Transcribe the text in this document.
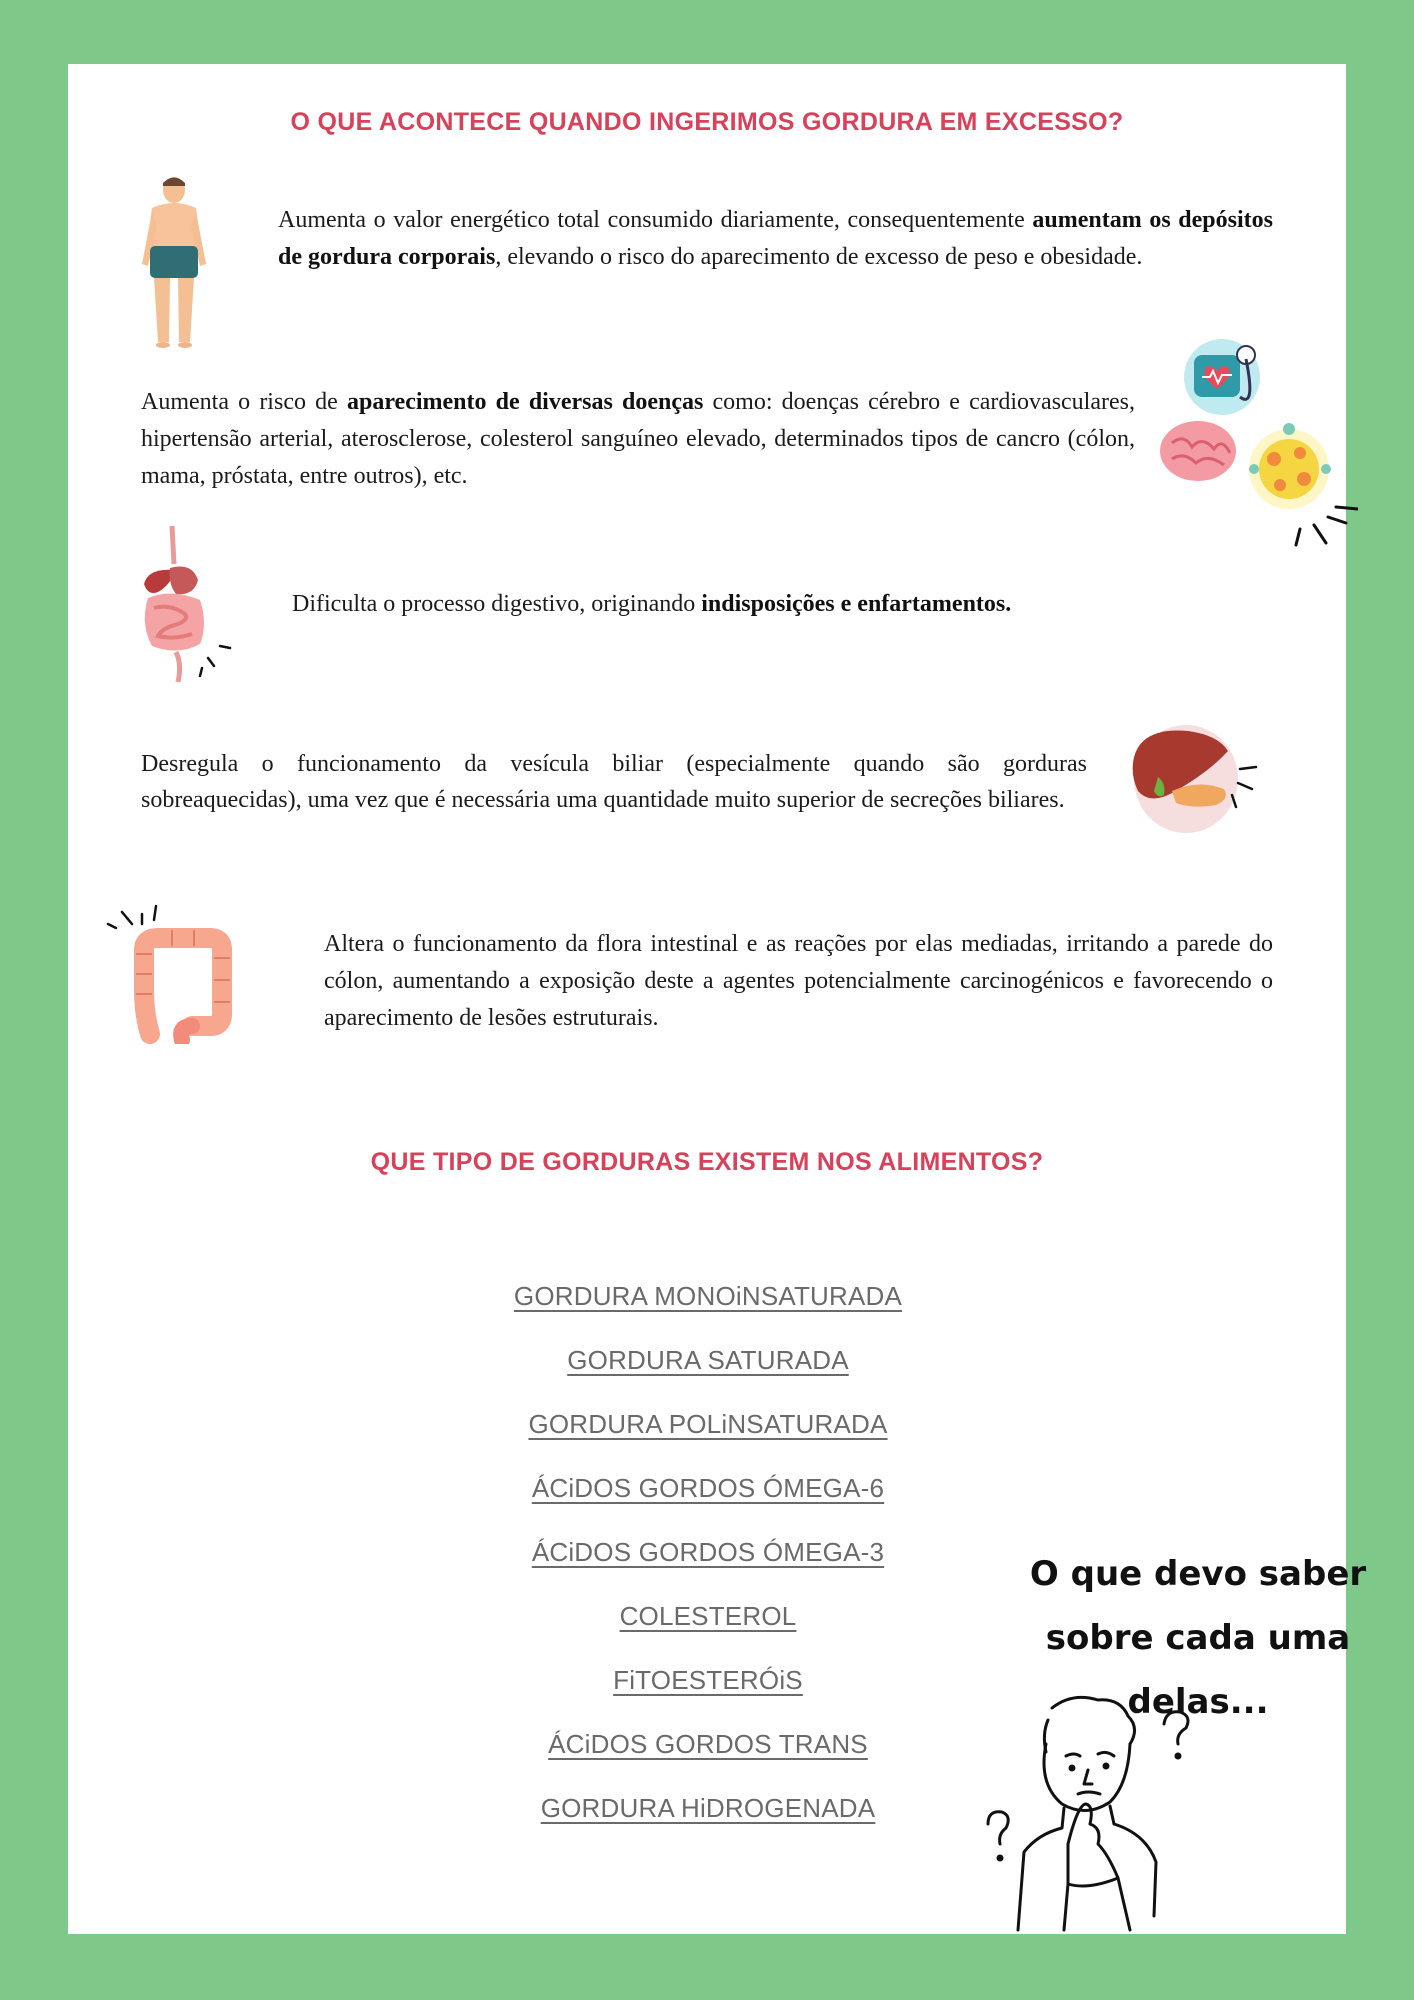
O QUE ACONTECE QUANDO INGERIMOS GORDURA EM EXCESSO?
Aumenta o valor energético total consumido diariamente, consequentemente aumentam os depósitos de gordura corporais, elevando o risco do aparecimento de excesso de peso e obesidade.
Aumenta o risco de aparecimento de diversas doenças como: doenças cérebro e cardiovasculares, hipertensão arterial, aterosclerose, colesterol sanguíneo elevado, determinados tipos de cancro (cólon, mama, próstata, entre outros), etc.
Dificulta o processo digestivo, originando indisposições e enfartamentos.
Desregula o funcionamento da vesícula biliar (especialmente quando são gorduras sobreaquecidas), uma vez que é necessária uma quantidade muito superior de secreções biliares.
Altera o funcionamento da flora intestinal e as reações por elas mediadas, irritando a parede do cólon, aumentando a exposição deste a agentes potencialmente carcinogénicos e favorecendo o aparecimento de lesões estruturais.
QUE TIPO DE GORDURAS EXISTEM NOS ALIMENTOS?
GORDURA MONOiNSATURADA
GORDURA SATURADA
GORDURA POLiNSATURADA
ÁCiDOS GORDOS ÓMEGA-6
ÁCiDOS GORDOS ÓMEGA-3
COLESTEROL
FiTOESTERÓiS
ÁCiDOS GORDOS TRANS
GORDURA HiDROGENADA
O que devo saber sobre cada uma delas...
